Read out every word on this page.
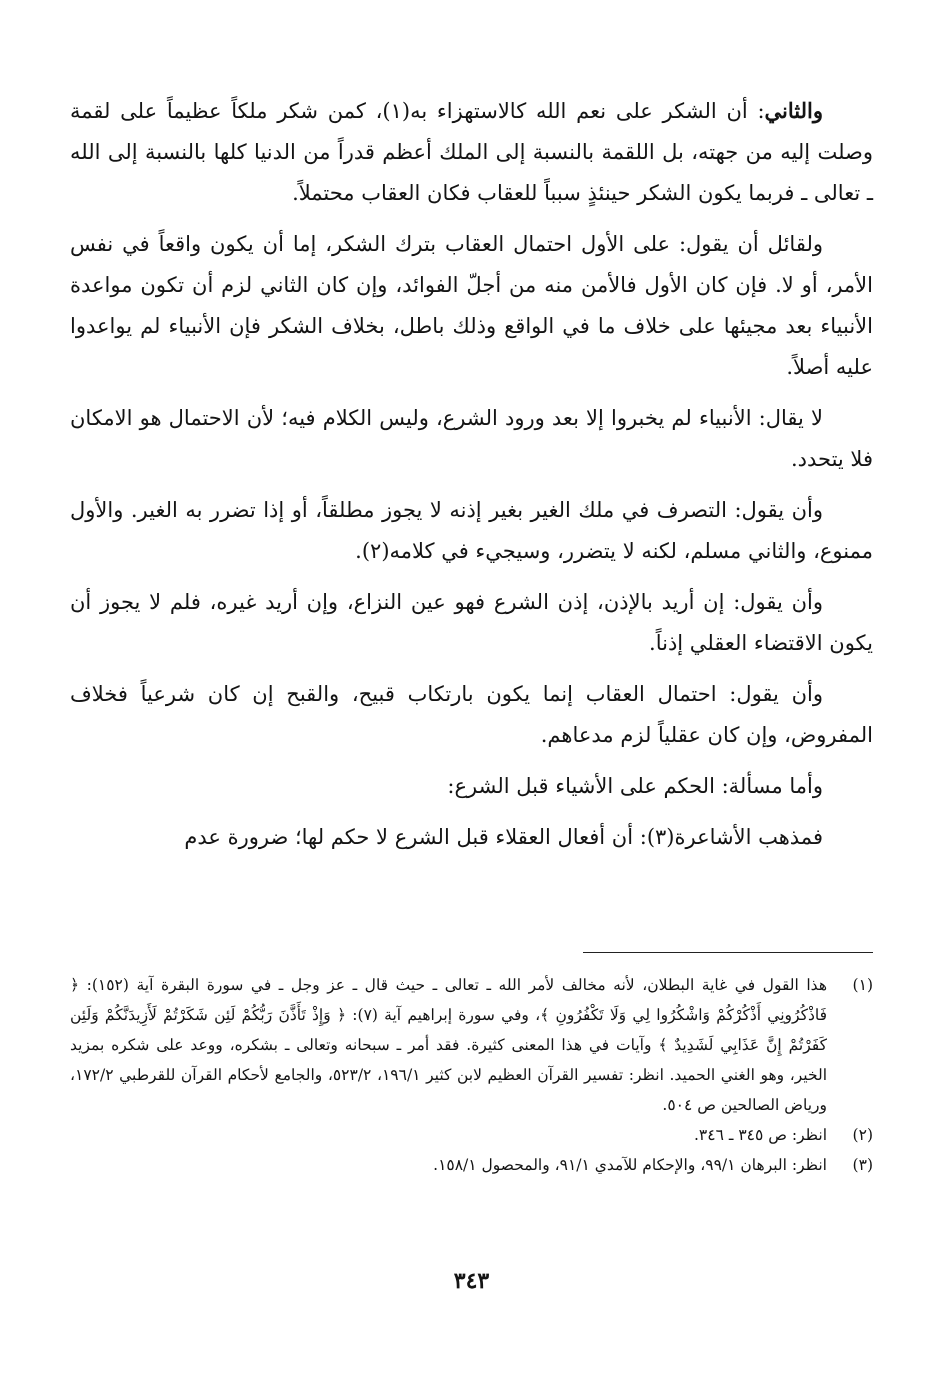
والثاني: أن الشكر على نعم الله كالاستهزاء به(١)، كمن شكر ملكاً عظيماً على لقمة وصلت إليه من جهته، بل اللقمة بالنسبة إلى الملك أعظم قدراً من الدنيا كلها بالنسبة إلى الله ـ تعالى ـ فربما يكون الشكر حينئذٍ سبباً للعقاب فكان العقاب محتملاً.

ولقائل أن يقول: على الأول احتمال العقاب بترك الشكر، إما أن يكون واقعاً في نفس الأمر، أو لا. فإن كان الأول فالأمن منه من أجلّ الفوائد، وإن كان الثاني لزم أن تكون مواعدة الأنبياء بعد مجيئها على خلاف ما في الواقع وذلك باطل، بخلاف الشكر فإن الأنبياء لم يواعدوا عليه أصلاً.

لا يقال: الأنبياء لم يخبروا إلا بعد ورود الشرع، وليس الكلام فيه؛ لأن الاحتمال هو الامكان فلا يتحدد.

وأن يقول: التصرف في ملك الغير بغير إذنه لا يجوز مطلقاً، أو إذا تضرر به الغير. والأول ممنوع، والثاني مسلم، لكنه لا يتضرر، وسيجيء في كلامه(٢).

وأن يقول: إن أريد بالإذن، إذن الشرع فهو عين النزاع، وإن أريد غيره، فلم لا يجوز أن يكون الاقتضاء العقلي إذناً.

وأن يقول: احتمال العقاب إنما يكون بارتكاب قبيح، والقبح إن كان شرعياً فخلاف المفروض، وإن كان عقلياً لزم مدعاهم.

وأما مسألة: الحكم على الأشياء قبل الشرع:

فمذهب الأشاعرة(٣): أن أفعال العقلاء قبل الشرع لا حكم لها؛ ضرورة عدم

(١)
هذا القول في غاية البطلان، لأنه مخالف لأمر الله ـ تعالى ـ حيث قال ـ عز وجل ـ في سورة البقرة آية (١٥٢): ﴿ فَاذْكُرُونِي أَذْكُرْكُمْ وَاشْكُرُوا لِي وَلَا تَكْفُرُونِ ﴾، وفي سورة إبراهيم آية (٧): ﴿ وَإِذْ تَأَذَّنَ رَبُّكُمْ لَئِن شَكَرْتُمْ لَأَزِيدَنَّكُمْ وَلَئِن كَفَرْتُمْ إِنَّ عَذَابِي لَشَدِيدٌ ﴾ وآيات في هذا المعنى كثيرة. فقد أمر ـ سبحانه وتعالى ـ بشكره، ووعد على شكره بمزيد الخير، وهو الغني الحميد. انظر: تفسير القرآن العظيم لابن كثير ١٩٦/١، ٥٢٣/٢، والجامع لأحكام القرآن للقرطبي ١٧٢/٢، ورياض الصالحين ص ٥٠٤.

(٢)
انظر: ص ٣٤٥ ـ ٣٤٦.

(٣)
انظر: البرهان ٩٩/١، والإحكام للآمدي ٩١/١، والمحصول ١٥٨/١.

٣٤٣
